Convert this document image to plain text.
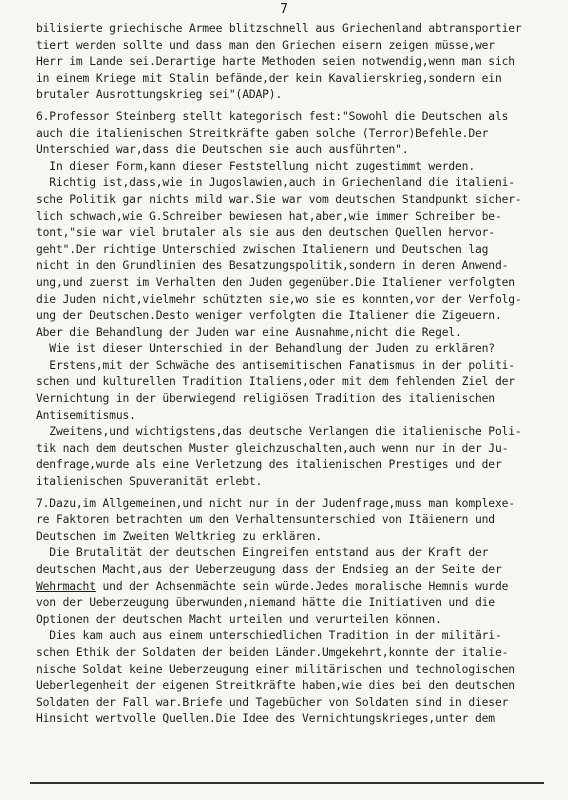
7
bilisierte griechische Armee blitzschnell aus Griechenland abtransportier
tiert werden sollte und dass man den Griechen eisern zeigen müsse,wer
Herr im Lande sei.Derartige harte Methoden seien notwendig,wenn man sich
in einem Kriege mit Stalin befände,der kein Kavalierskrieg,sondern ein
brutaler Ausrottungskrieg sei"(ADAP).
6.Professor Steinberg stellt kategorisch fest:"Sowohl die Deutschen als
auch die italienischen Streitkräfte gaben solche (Terror)Befehle.Der
Unterschied war,dass die Deutschen sie auch ausführten".
In dieser Form,kann dieser Feststellung nicht zugestimmt werden.
Richtig ist,dass,wie in Jugoslawien,auch in Griechenland die italieni-
sche Politik gar nichts mild war.Sie war vom deutschen Standpunkt sicher-
lich schwach,wie G.Schreiber bewiesen hat,aber,wie immer Schreiber be-
tont,"sie war viel brutaler als sie aus den deutschen Quellen hervor-
geht".Der richtige Unterschied zwischen Italienern und Deutschen lag
nicht in den Grundlinien des Besatzungspolitik,sondern in deren Anwend-
ung,und zuerst im Verhalten den Juden gegenüber.Die Italiener verfolgten
die Juden nicht,vielmehr schützten sie,wo sie es konnten,vor der Verfolg-
ung der Deutschen.Desto weniger verfolgten die Italiener die Zigeuern.
Aber die Behandlung der Juden war eine Ausnahme,nicht die Regel.
Wie ist dieser Unterschied in der Behandlung der Juden zu erklären?
Erstens,mit der Schwäche des antisemitischen Fanatismus in der politi-
schen und kulturellen Tradition Italiens,oder mit dem fehlenden Ziel der
Vernichtung in der überwiegend religiösen Tradition des italienischen
Antisemitismus.
Zweitens,und wichtigstens,das deutsche Verlangen die italienische Poli-
tik nach dem deutschen Muster gleichzuschalten,auch wenn nur in der Ju-
denfrage,wurde als eine Verletzung des italienischen Prestiges und der
italienischen Spuveranität erlebt.
7.Dazu,im Allgemeinen,und nicht nur in der Judenfrage,muss man komplexe-
re Faktoren betrachten um den Verhaltensunterschied von Itäienern und
Deutschen im Zweiten Weltkrieg zu erklären.
Die Brutalität der deutschen Eingreifen entstand aus der Kraft der
deutschen Macht,aus der Ueberzeugung dass der Endsieg an der Seite der
Wehrmacht und der Achsenmächte sein würde.Jedes moralische Hemnis wurde
von der Ueberzeugung überwunden,niemand hätte die Initiativen und die
Optionen der deutschen Macht urteilen und verurteilen können.
Dies kam auch aus einem unterschiedlichen Tradition in der militäri-
schen Ethik der Soldaten der beiden Länder.Umgekehrt,konnte der italie-
nische Soldat keine Ueberzeugung einer militärischen und technologischen
Ueberlegenheit der eigenen Streitkräfte haben,wie dies bei den deutschen
Soldaten der Fall war.Briefe und Tagebücher von Soldaten sind in dieser
Hinsicht wertvolle Quellen.Die Idee des Vernichtungskrieges,unter dem
